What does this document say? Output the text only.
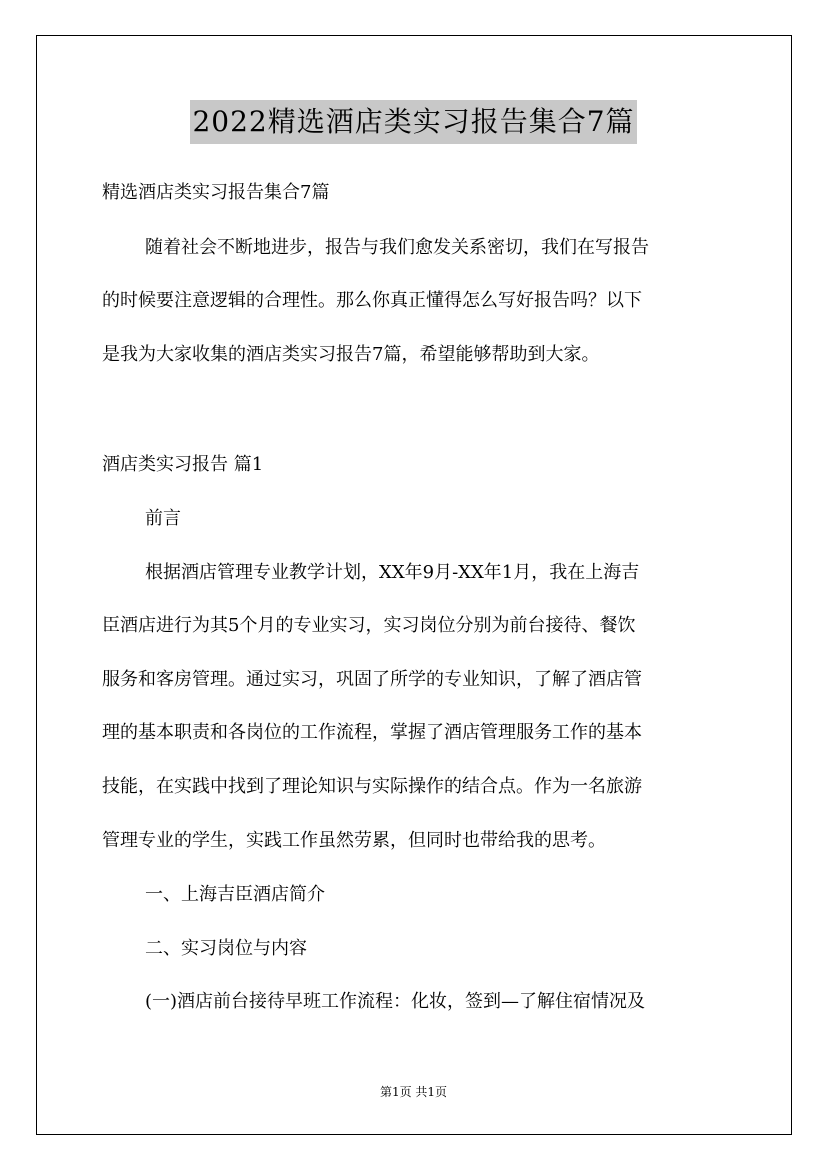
2022精选酒店类实习报告集合7篇

精选酒店类实习报告集合7篇

随着社会不断地进步，报告与我们愈发关系密切，我们在写报告

的时候要注意逻辑的合理性。那么你真正懂得怎么写好报告吗？以下

是我为大家收集的酒店类实习报告7篇，希望能够帮助到大家。

酒店类实习报告 篇1

前言

根据酒店管理专业教学计划，XX年9月-XX年1月，我在上海吉

臣酒店进行为其5个月的专业实习，实习岗位分别为前台接待、餐饮

服务和客房管理。通过实习，巩固了所学的专业知识，了解了酒店管

理的基本职责和各岗位的工作流程，掌握了酒店管理服务工作的基本

技能，在实践中找到了理论知识与实际操作的结合点。作为一名旅游

管理专业的学生，实践工作虽然劳累，但同时也带给我的思考。

一、上海吉臣酒店简介

二、实习岗位与内容

(一)酒店前台接待早班工作流程：化妆，签到—了解住宿情况及

第1页 共1页
